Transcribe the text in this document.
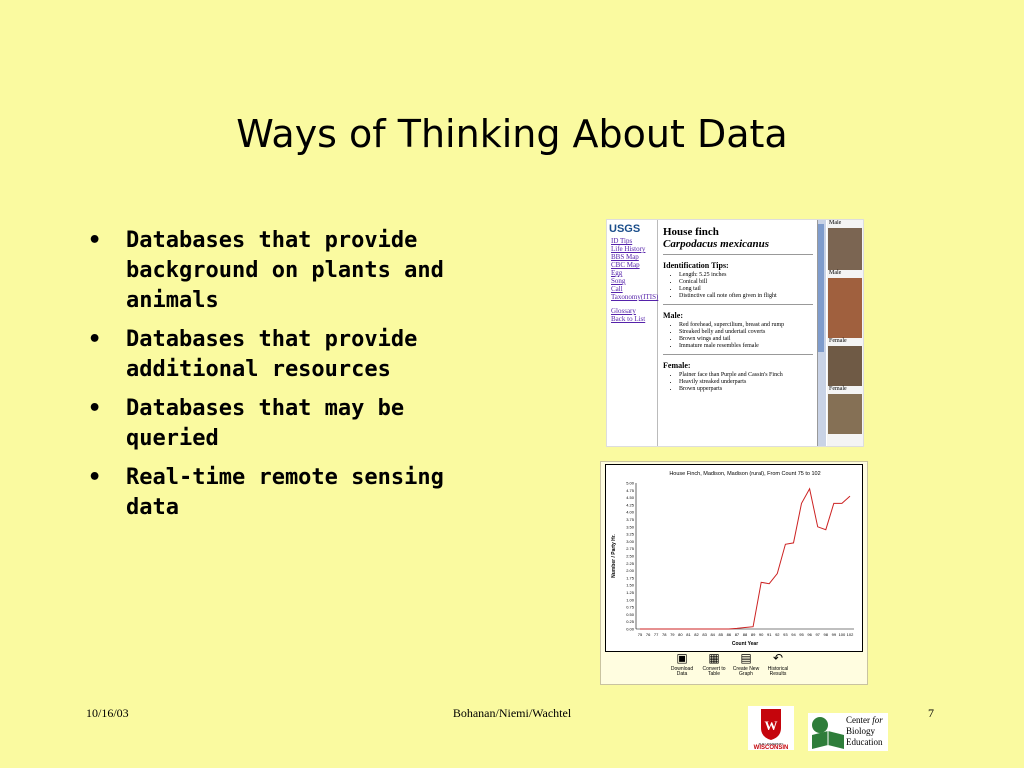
Ways of Thinking About Data
• Databases that provide background on plants and animals
• Databases that provide additional resources
• Databases that may be queried
• Real-time remote sensing data
USGS
ID Tips
Life History
BBS Map
CBC Map
Egg
Song
Call
Taxonomy(ITIS)
Glossary
Back to List
House finch
Carpodacus mexicanus
Identification Tips:
• Length: 5.25 inches
• Conical bill
• Long tail
• Distinctive call note often given in flight
Male:
• Red forehead, supercilium, breast and rump
• Streaked belly and undertail coverts
• Brown wings and tail
• Immature male resembles female
Female:
• Plainer face than Purple and Cassin's Finch
• Heavily streaked underparts
• Brown upperparts
Male
Male
Female
Female
House Finch, Madison, Madison (rural), From Count 75 to 102
0.00
0.25
0.50
0.75
1.00
1.25
1.50
1.75
2.00
2.25
2.50
2.75
3.00
3.25
3.50
3.75
4.00
4.25
4.50
4.75
5.00
75 76 77 78 79 80 81 82 83 84 85 86 87 88 89 90 91 92 93 94 95 96 97 98 99 100 102
Count Year
Number / Party Hr.
▣
Download Data
▦
Convert to Table
▤
Create New Graph
↶
Historical Results
10/16/03	Bohanan/Niemi/Wachtel	7
W
THE UNIVERSITY
WISCONSIN
Center for
Biology
Education
